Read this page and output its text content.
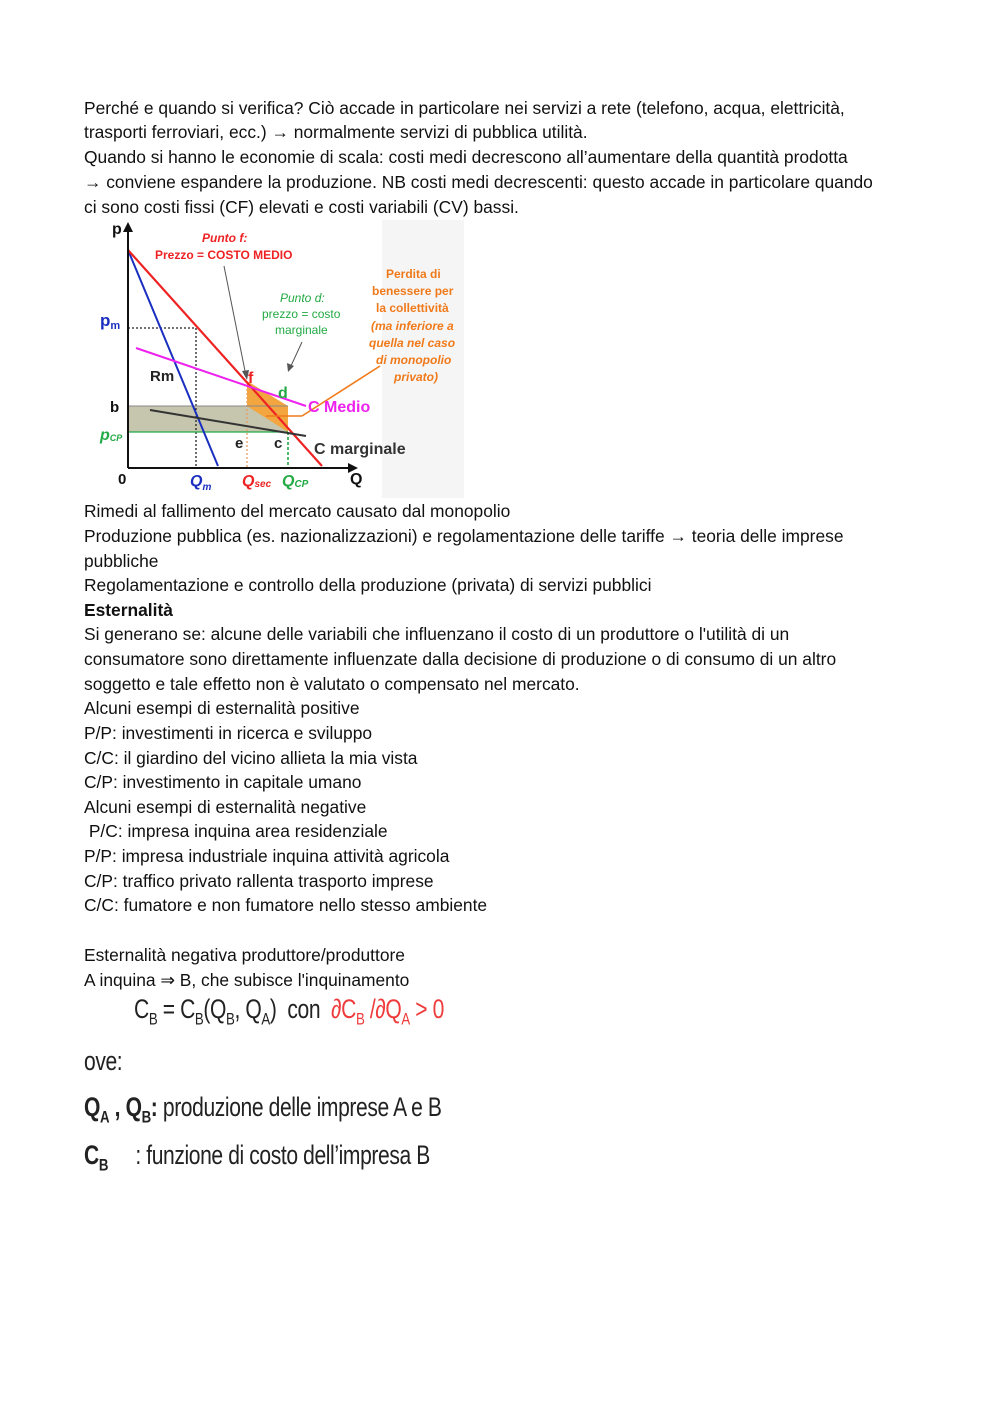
Perché e quando si verifica? Ciò accade in particolare nei servizi a rete (telefono, acqua, elettricità,
trasporti ferroviari, ecc.) → normalmente servizi di pubblica utilità.
Quando si hanno le economie di scala: costi medi decrescono all’aumentare della quantità prodotta
→ conviene espandere la produzione. NB costi medi decrescenti: questo accade in particolare quando
ci sono costi fissi (CF) elevati e costi variabili (CV) bassi.
p
Q
0
pm
b
pCP
Rm	f
d
e c
C Medio
C marginale
$Q_m$ Qsec QCP
Punto f:
Prezzo = COSTO MEDIO
Punto d:
prezzo = costo
marginale
Perdita di
benessere per
la collettività
(ma inferiore a
quella nel caso
di monopolio
privato)
Rimedi al fallimento del mercato causato dal monopolio
Produzione pubblica (es. nazionalizzazioni) e regolamentazione delle tariffe → teoria delle imprese
pubbliche
Regolamentazione e controllo della produzione (privata) di servizi pubblici
Esternalità
Si generano se: alcune delle variabili che influenzano il costo di un produttore o l'utilità di un
consumatore sono direttamente influenzate dalla decisione di produzione o di consumo di un altro
soggetto e tale effetto non è valutato o compensato nel mercato.
Alcuni esempi di esternalità positive
P/P: investimenti in ricerca e sviluppo
C/C: il giardino del vicino allieta la mia vista
C/P: investimento in capitale umano
Alcuni esempi di esternalità negative
P/C: impresa inquina area residenziale
P/P: impresa industriale inquina attività agricola
C/P: traffico privato rallenta trasporto imprese
C/C: fumatore e non fumatore nello stesso ambiente
Esternalità negativa produttore/produttore
A inquina ⇒ B, che subisce l'inquinamento
$C_B = C_B(Q_B$, $Q_A$)  con  $\partial C_B$ $/\partial Q_A > 0$
ove:
$Q_A$ , $Q_B$: produzione delle imprese A e B
$C_B$     : funzione di costo dell’impresa B
